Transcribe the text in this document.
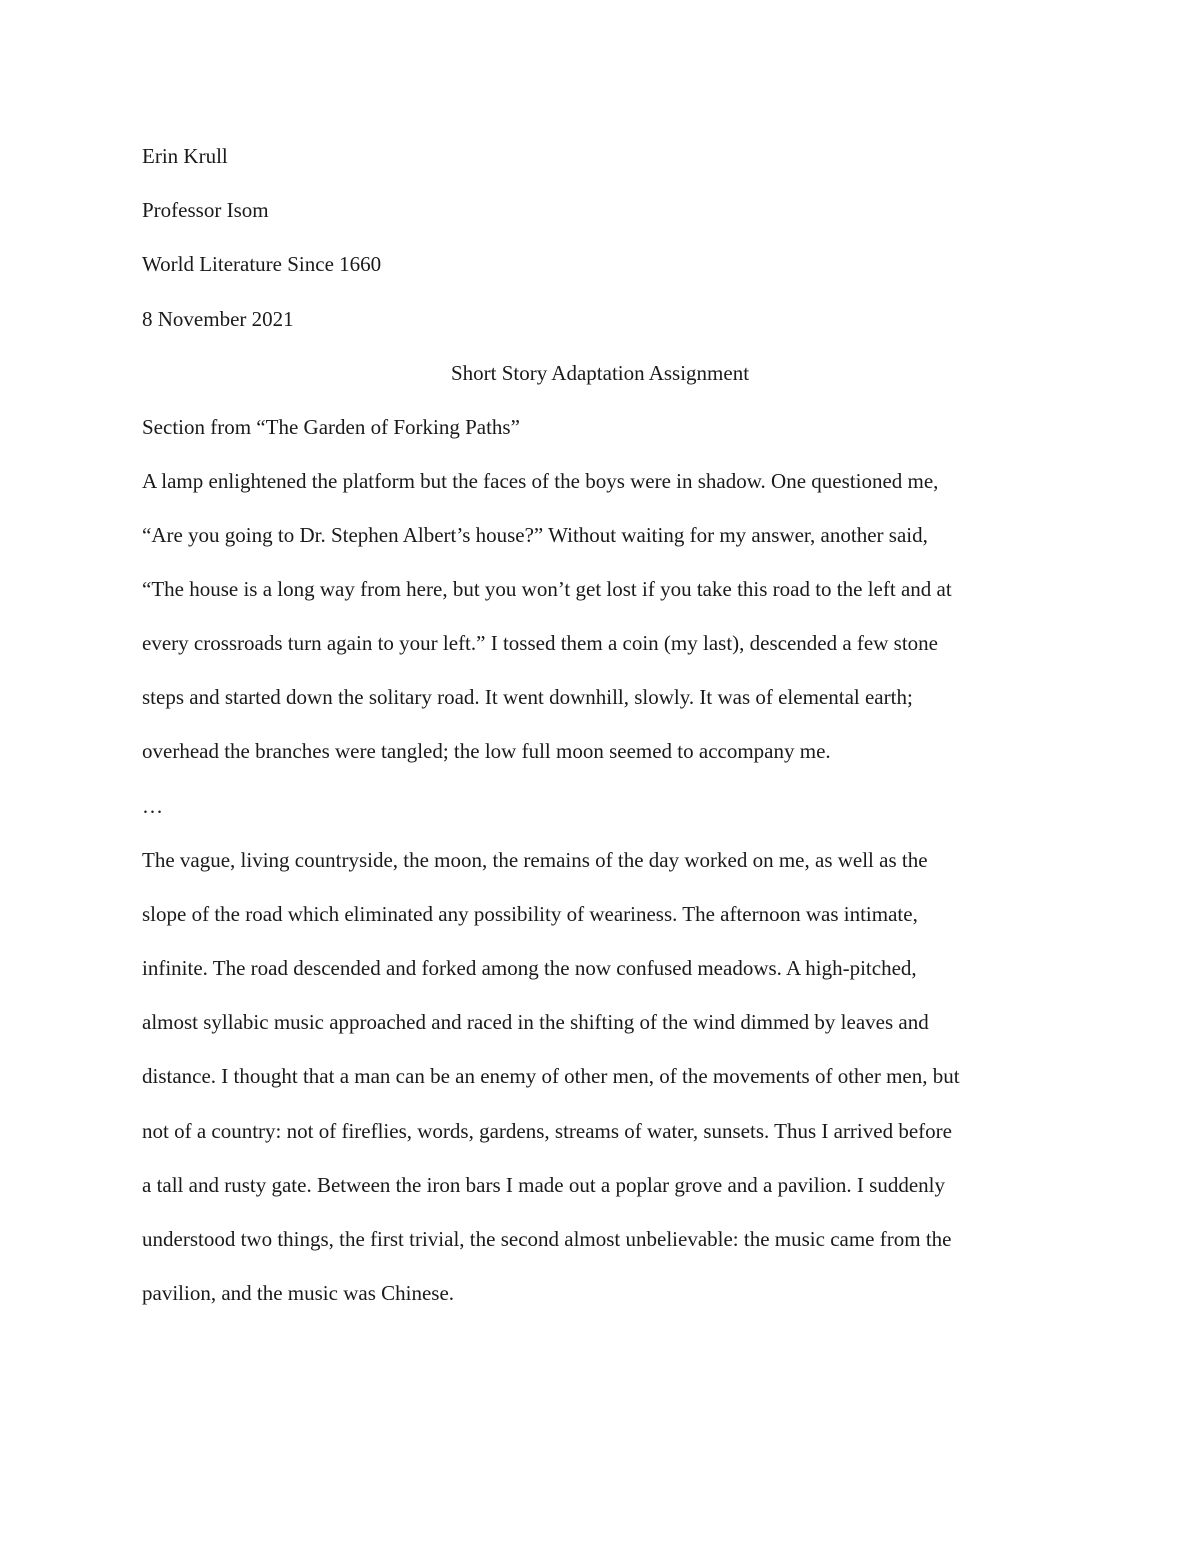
Erin Krull
Professor Isom
World Literature Since 1660
8 November 2021
Short Story Adaptation Assignment
Section from “The Garden of Forking Paths”
A lamp enlightened the platform but the faces of the boys were in shadow. One questioned me,
“Are you going to Dr. Stephen Albert’s house?” Without waiting for my answer, another said,
“The house is a long way from here, but you won’t get lost if you take this road to the left and at
every crossroads turn again to your left.” I tossed them a coin (my last), descended a few stone
steps and started down the solitary road. It went downhill, slowly. It was of elemental earth;
overhead the branches were tangled; the low full moon seemed to accompany me.
…
The vague, living countryside, the moon, the remains of the day worked on me, as well as the
slope of the road which eliminated any possibility of weariness. The afternoon was intimate,
infinite. The road descended and forked among the now confused meadows. A high-pitched,
almost syllabic music approached and raced in the shifting of the wind dimmed by leaves and
distance. I thought that a man can be an enemy of other men, of the movements of other men, but
not of a country: not of fireflies, words, gardens, streams of water, sunsets. Thus I arrived before
a tall and rusty gate. Between the iron bars I made out a poplar grove and a pavilion. I suddenly
understood two things, the first trivial, the second almost unbelievable: the music came from the
pavilion, and the music was Chinese.
